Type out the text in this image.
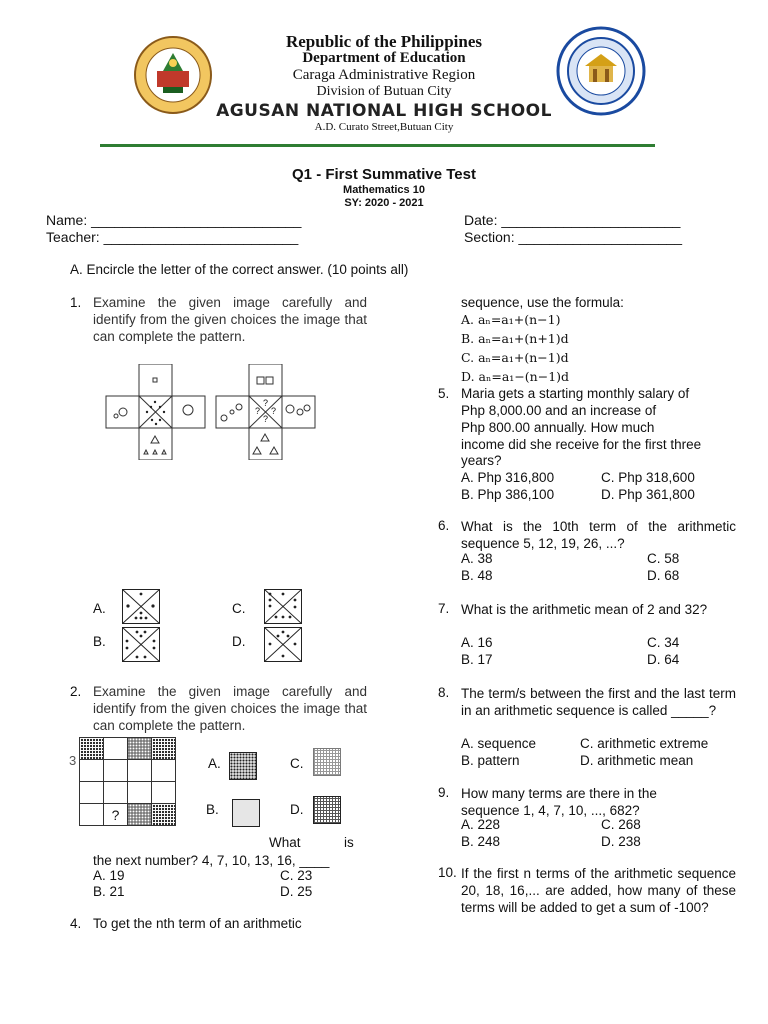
Republic of the Philippines
Department of Education
Caraga Administrative Region
Division of Butuan City
AGUSAN NATIONAL HIGH SCHOOL
A.D. Curato Street,Butuan City
Q1 - First Summative Test
Mathematics 10
SY: 2020 - 2021
Name: ___________________________	Date: _______________________
Teacher: _________________________	Section: _____________________
A. Encircle the letter of the correct answer. (10 points all)
1. Examine the given image carefully and identify from the given choices the image that can complete the pattern.
?
? ?
?
A.
B.
C.
D.
2. Examine the given image carefully and identify from the given choices the image that can complete the pattern.
3

	?		
A.
B.
C.
D.
What	is
the next number? 4, 7, 10, 13, 16, ____
A. 19
B. 21
C. 23
D. 25
4. To get the nth term of an arithmetic
sequence, use the formula:
A. aₙ=a₁+(n−1)
B. aₙ=a₁+(n+1)d
C. aₙ=a₁+(n−1)d
D. aₙ=a₁−(n−1)d
5. Maria gets a starting monthly salary of
Php 8,000.00 and an increase of
Php 800.00 annually. How much
income did she receive for the first three
years?
A. Php 316,800
B. Php 386,100
C. Php 318,600
D. Php 361,800
6. What is the 10th term of the arithmetic sequence 5, 12, 19, 26, ...?
A. 38
B. 48
C. 58
D. 68
7. What is the arithmetic mean of 2 and 32?
A. 16
B. 17
C. 34
D. 64
8. The term/s between the first and the last term in an arithmetic sequence is called _____?
A. sequence
B. pattern
C. arithmetic extreme
D. arithmetic mean
9. How many terms are there in the sequence 1, 4, 7, 10, ..., 682?
A. 228
B. 248
C. 268
D. 238
10. If the first n terms of the arithmetic sequence 20, 18, 16,... are added, how many of these terms will be added to get a sum of -100?
